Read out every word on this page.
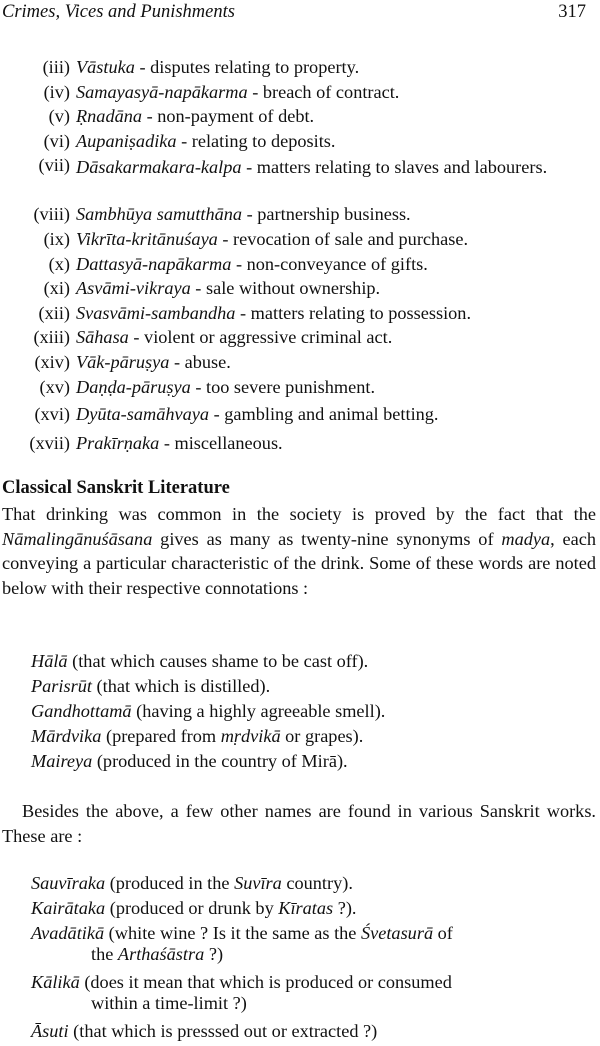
Crimes, Vices and Punishments	317
(iii) Vāstuka - disputes relating to property.
(iv) Samayasyā-napākarma - breach of contract.
(v) Ṛnadāna - non-payment of debt.
(vi) Aupaniṣadika - relating to deposits.
(vii) Dāsakarmakara-kalpa - matters relating to slaves and labourers.
(viii) Sambhūya samutthāna - partnership business.
(ix) Vikrīta-kritānuśaya - revocation of sale and purchase.
(x) Dattasyā-napākarma - non-conveyance of gifts.
(xi) Asvāmi-vikraya - sale without ownership.
(xii) Svasvāmi-sambandha - matters relating to possession.
(xiii) Sāhasa - violent or aggressive criminal act.
(xiv) Vāk-pāruṣya - abuse.
(xv) Daṇḍa-pāruṣya - too severe punishment.
(xvi) Dyūta-samāhvaya - gambling and animal betting.
(xvii) Prakīrṇaka - miscellaneous.
Classical Sanskrit Literature
That drinking was common in the society is proved by the fact that the Nāmalingānuśāsana gives as many as twenty-nine synonyms of madya, each conveying a particular characteristic of the drink. Some of these words are noted below with their respective connotations :
Hālā (that which causes shame to be cast off).
Parisrūt (that which is distilled).
Gandhottamā (having a highly agreeable smell).
Mārdvika (prepared from mṛdvikā or grapes).
Maireya (produced in the country of Mirā).
Besides the above, a few other names are found in various Sanskrit works. These are :
Sauvīraka (produced in the Suvīra country).
Kairātaka (produced or drunk by Kīratas ?).
Avadātikā (white wine ? Is it the same as the Śvetasurā of
the Arthaśāstra ?)
Kālikā (does it mean that which is produced or consumed
within a time-limit ?)
Āsuti (that which is presssed out or extracted ?)
